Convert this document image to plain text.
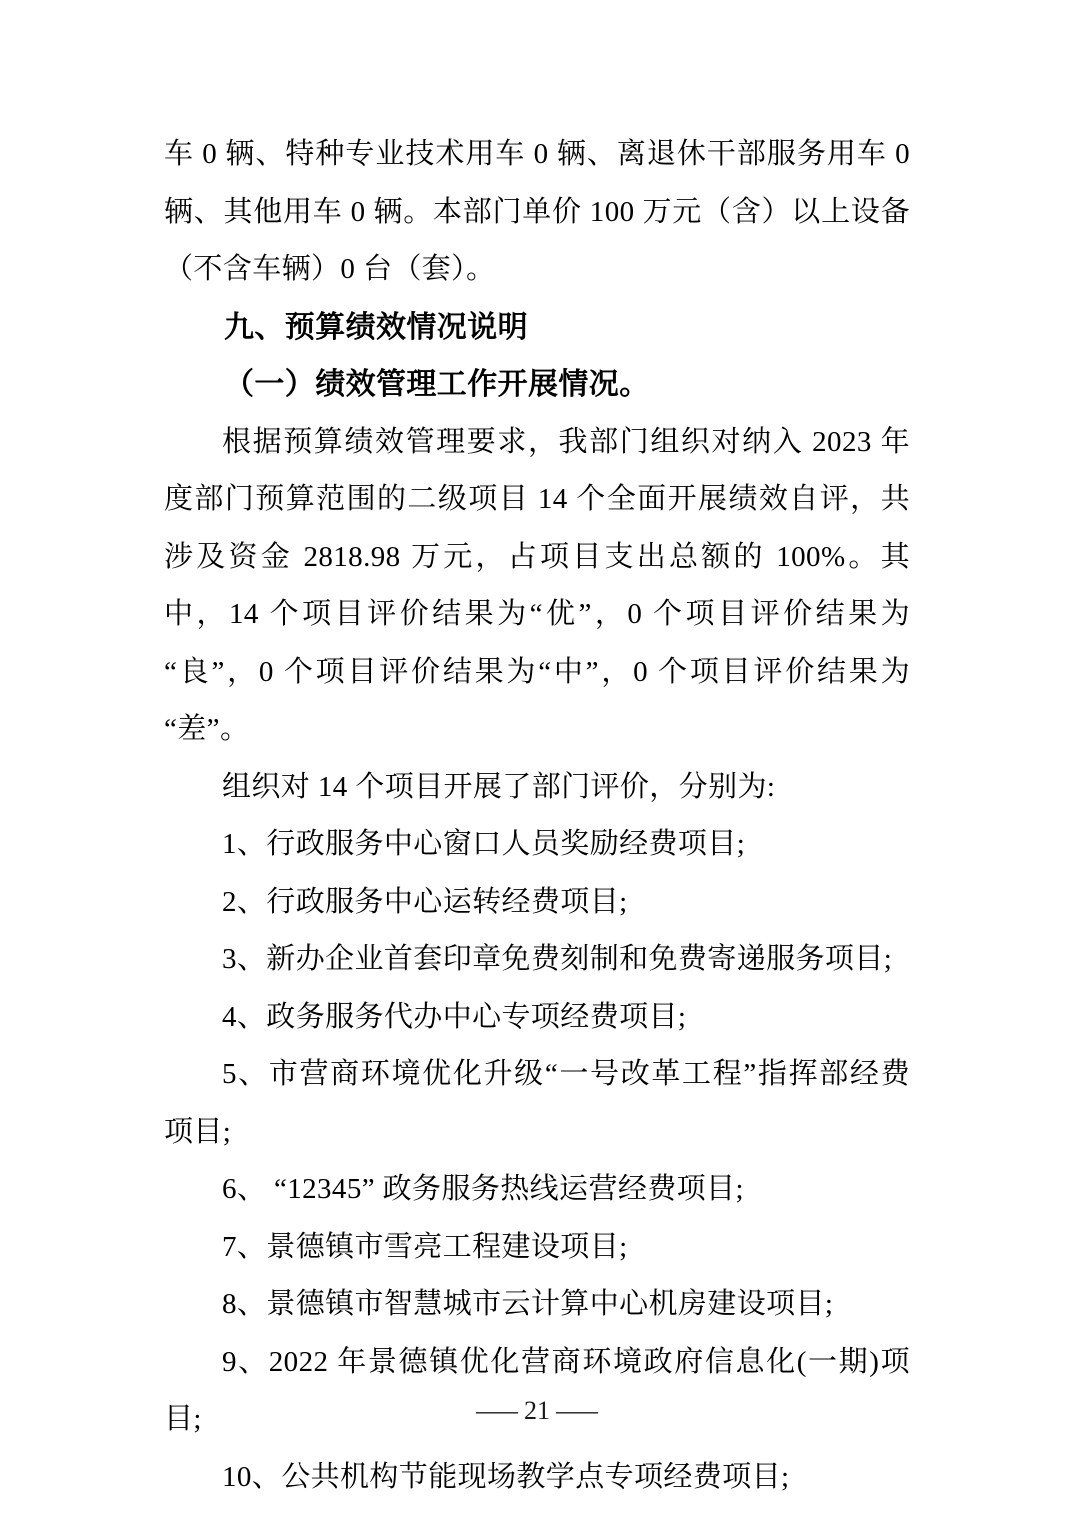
车 0 辆、特种专业技术用车 0 辆、离退休干部服务用车 0 辆、其他用车 0 辆。本部门单价 100 万元（含）以上设备（不含车辆）0 台（套）。

九、预算绩效情况说明

（一）绩效管理工作开展情况。

根据预算绩效管理要求，我部门组织对纳入 2023 年度部门预算范围的二级项目 14 个全面开展绩效自评，共涉及资金 2818.98 万元，占项目支出总额的 100%。其中，14 个项目评价结果为“优”，0 个项目评价结果为“良”，0 个项目评价结果为“中”，0 个项目评价结果为“差”。

组织对 14 个项目开展了部门评价，分别为:

1、行政服务中心窗口人员奖励经费项目;

2、行政服务中心运转经费项目;

3、新办企业首套印章免费刻制和免费寄递服务项目;

4、政务服务代办中心专项经费项目;

5、市营商环境优化升级“一号改革工程”指挥部经费项目;

6、 “12345” 政务服务热线运营经费项目;

7、景德镇市雪亮工程建设项目;

8、景德镇市智慧城市云计算中心机房建设项目;

9、2022 年景德镇优化营商环境政府信息化(一期)项目;

10、公共机构节能现场教学点专项经费项目;

— 21 —
